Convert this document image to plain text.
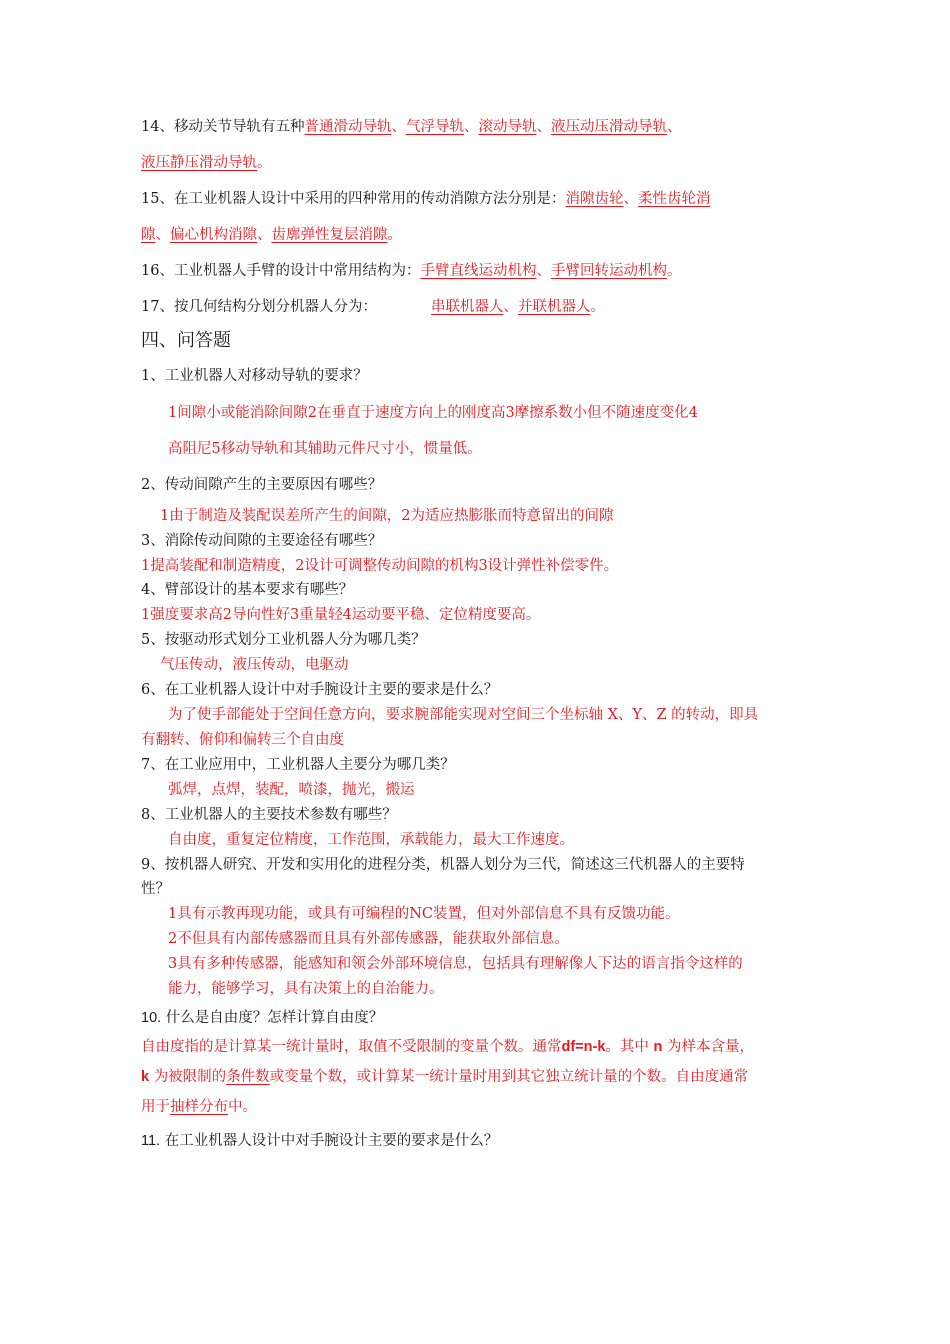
14、移动关节导轨有五种普通滑动导轨、气浮导轨、滚动导轨、液压动压滑动导轨、
液压静压滑动导轨。
15、在工业机器人设计中采用的四种常用的传动消隙方法分别是：消隙齿轮、柔性齿轮消
隙、偏心机构消隙、齿廓弹性复层消隙。
16、工业机器人手臂的设计中常用结构为：手臂直线运动机构、手臂回转运动机构。
17、按几何结构分划分机器人分为：	串联机器人、并联机器人。
四、问答题
1、工业机器人对移动导轨的要求？
1间隙小或能消除间隙2在垂直于速度方向上的刚度高3摩擦系数小但不随速度变化4
高阻尼5移动导轨和其辅助元件尺寸小，惯量低。
2、传动间隙产生的主要原因有哪些？
1由于制造及装配误差所产生的间隙，2为适应热膨胀而特意留出的间隙
3、消除传动间隙的主要途径有哪些？
1提高装配和制造精度，2设计可调整传动间隙的机构3设计弹性补偿零件。
4、臂部设计的基本要求有哪些？
1强度要求高2导向性好3重量轻4运动要平稳、定位精度要高。
5、按驱动形式划分工业机器人分为哪几类？
气压传动，液压传动，电驱动
6、在工业机器人设计中对手腕设计主要的要求是什么？
为了使手部能处于空间任意方向，要求腕部能实现对空间三个坐标轴 X、Y、Z 的转动，即具
有翻转、俯仰和偏转三个自由度
7、在工业应用中，工业机器人主要分为哪几类？
弧焊，点焊，装配，喷漆，抛光，搬运
8、工业机器人的主要技术参数有哪些？
自由度，重复定位精度，工作范围，承载能力，最大工作速度。
9、按机器人研究、开发和实用化的进程分类，机器人划分为三代，简述这三代机器人的主要特
性？
1具有示教再现功能，或具有可编程的NC装置，但对外部信息不具有反馈功能。
2不但具有内部传感器而且具有外部传感器，能获取外部信息。
3具有多种传感器，能感知和领会外部环境信息，包括具有理解像人下达的语言指令这样的
能力，能够学习，具有决策上的自治能力。
10. 什么是自由度？怎样计算自由度？
自由度指的是计算某一统计量时，取值不受限制的变量个数。通常df=n-k。其中 n 为样本含量，
k 为被限制的条件数或变量个数，或计算某一统计量时用到其它独立统计量的个数。自由度通常
用于抽样分布中。
11. 在工业机器人设计中对手腕设计主要的要求是什么？
